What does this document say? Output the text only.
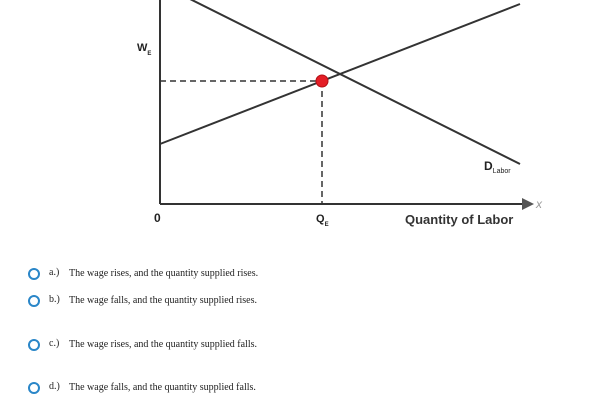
x
$W_E$
0	$Q_E$
$D_{Labor}$
Quantity of Labor
a.) The wage rises, and the quantity supplied rises.
b.) The wage falls, and the quantity supplied rises.
c.) The wage rises, and the quantity supplied falls.
d.) The wage falls, and the quantity supplied falls.
